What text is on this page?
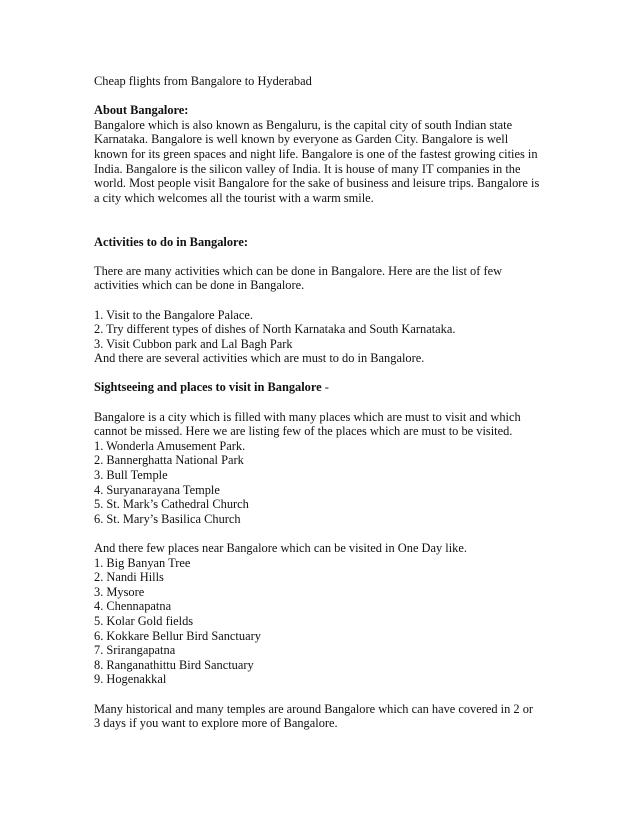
Cheap flights from Bangalore to Hyderabad
About Bangalore:
Bangalore which is also known as Bengaluru, is the capital city of south Indian state
Karnataka. Bangalore is well known by everyone as Garden City. Bangalore is well
known for its green spaces and night life. Bangalore is one of the fastest growing cities in
India. Bangalore is the silicon valley of India. It is house of many IT companies in the
world. Most people visit Bangalore for the sake of business and leisure trips. Bangalore is
a city which welcomes all the tourist with a warm smile.
Activities to do in Bangalore:
There are many activities which can be done in Bangalore. Here are the list of few
activities which can be done in Bangalore.
1. Visit to the Bangalore Palace.
2. Try different types of dishes of North Karnataka and South Karnataka.
3. Visit Cubbon park and Lal Bagh Park
And there are several activities which are must to do in Bangalore.
Sightseeing and places to visit in Bangalore -
Bangalore is a city which is filled with many places which are must to visit and which
cannot be missed. Here we are listing few of the places which are must to be visited.
1. Wonderla Amusement Park.
2. Bannerghatta National Park
3. Bull Temple
4. Suryanarayana Temple
5. St. Mark’s Cathedral Church
6. St. Mary’s Basilica Church
And there few places near Bangalore which can be visited in One Day like.
1. Big Banyan Tree
2. Nandi Hills
3. Mysore
4. Chennapatna
5. Kolar Gold fields
6. Kokkare Bellur Bird Sanctuary
7. Srirangapatna
8. Ranganathittu Bird Sanctuary
9. Hogenakkal
Many historical and many temples are around Bangalore which can have covered in 2 or
3 days if you want to explore more of Bangalore.
